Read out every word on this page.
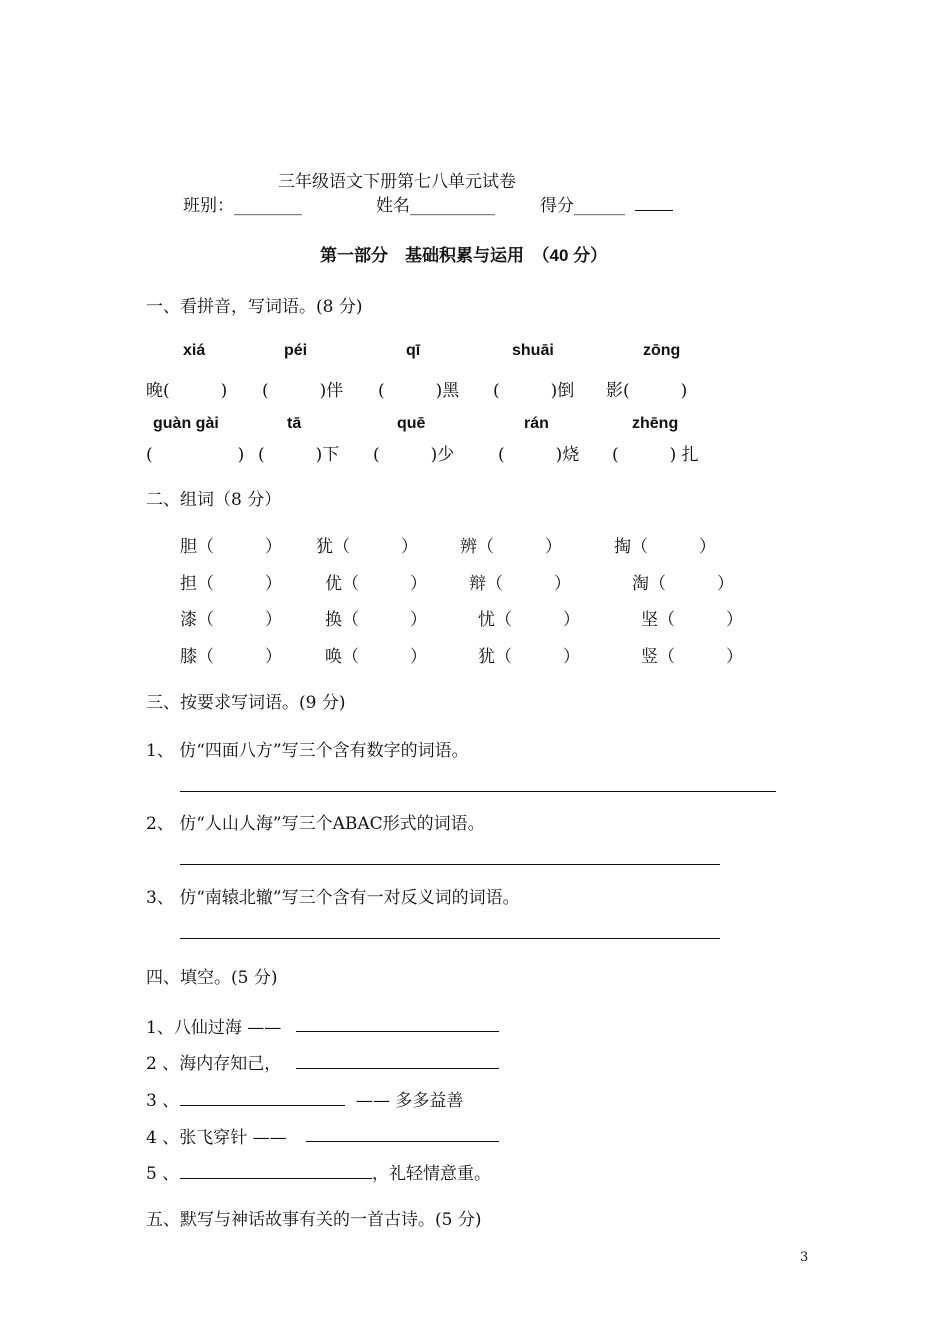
三年级语文下册第七八单元试卷
班别：________	姓名__________	得分______
第一部分　基础积累与运用　（40 分）
一、看拼音，写词语。(8 分)
xiá	péi	qī	shuāi	zōng
晚(　　　) (　　　)伴 (　　　)黑 (　　　)倒 影(　　　)
guàn gài	tā	quē	rán	zhēng
(　　　　　) (　　　)下 (　　　)少	(　　　)烧 (　　　) 扎
二、组词（8 分）
胆（　　　） 犹（　　　） 辨（　　　）	掏（　　　）
担（　　　）	优（　　　） 辩（　　　）	淘（　　　）
漆（　　　）	换（　　　）	忧（　　　）	坚（　　　）
膝（　　　）	唤（　　　）	犹（　　　）	竖（　　　）
三、按要求写词语。(9 分)
1、 仿“四面八方”写三个含有数字的词语。
2、 仿“人山人海”写三个ABAC形式的词语。
3、 仿“南辕北辙”写三个含有一对反义词的词语。
四、填空。(5 分)
1、八仙过海 ——
2 、海内存知己，
3 、	—— 多多益善
4 、张飞穿针 ——
5 、	，礼轻情意重。
五、默写与神话故事有关的一首古诗。(5 分)
3
